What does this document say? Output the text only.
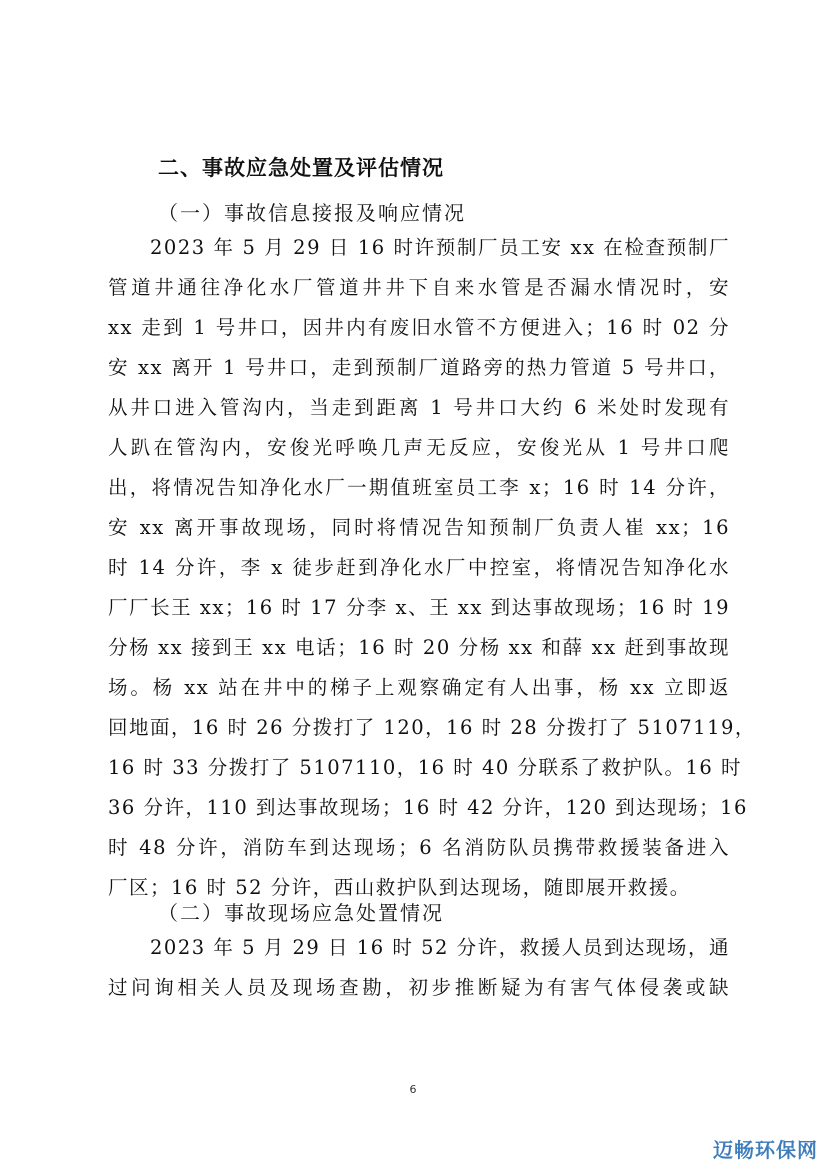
二、事故应急处置及评估情况
（一）事故信息接报及响应情况
2023 年 5 月 29 日 16 时许预制厂员工安 xx 在检查预制厂
管道井通往净化水厂管道井井下自来水管是否漏水情况时，安
xx 走到 1 号井口，因井内有废旧水管不方便进入；16 时 02 分
安 xx 离开 1 号井口，走到预制厂道路旁的热力管道 5 号井口，
从井口进入管沟内，当走到距离 1 号井口大约 6 米处时发现有
人趴在管沟内，安俊光呼唤几声无反应，安俊光从 1 号井口爬
出，将情况告知净化水厂一期值班室员工李 x；16 时 14 分许，
安 xx 离开事故现场，同时将情况告知预制厂负责人崔 xx；16
时 14 分许，李 x 徒步赶到净化水厂中控室，将情况告知净化水
厂厂长王 xx；16 时 17 分李 x、王 xx 到达事故现场；16 时 19
分杨 xx 接到王 xx 电话；16 时 20 分杨 xx 和薛 xx 赶到事故现
场。杨 xx 站在井中的梯子上观察确定有人出事，杨 xx 立即返
回地面，16 时 26 分拨打了 120，16 时 28 分拨打了 5107119，
16 时 33 分拨打了 5107110，16 时 40 分联系了救护队。16 时
36 分许，110 到达事故现场；16 时 42 分许，120 到达现场；16
时 48 分许，消防车到达现场；6 名消防队员携带救援装备进入
厂区；16 时 52 分许，西山救护队到达现场，随即展开救援。
（二）事故现场应急处置情况
2023 年 5 月 29 日 16 时 52 分许，救援人员到达现场，通
过问询相关人员及现场查勘，初步推断疑为有害气体侵袭或缺
6
迈畅环保网
